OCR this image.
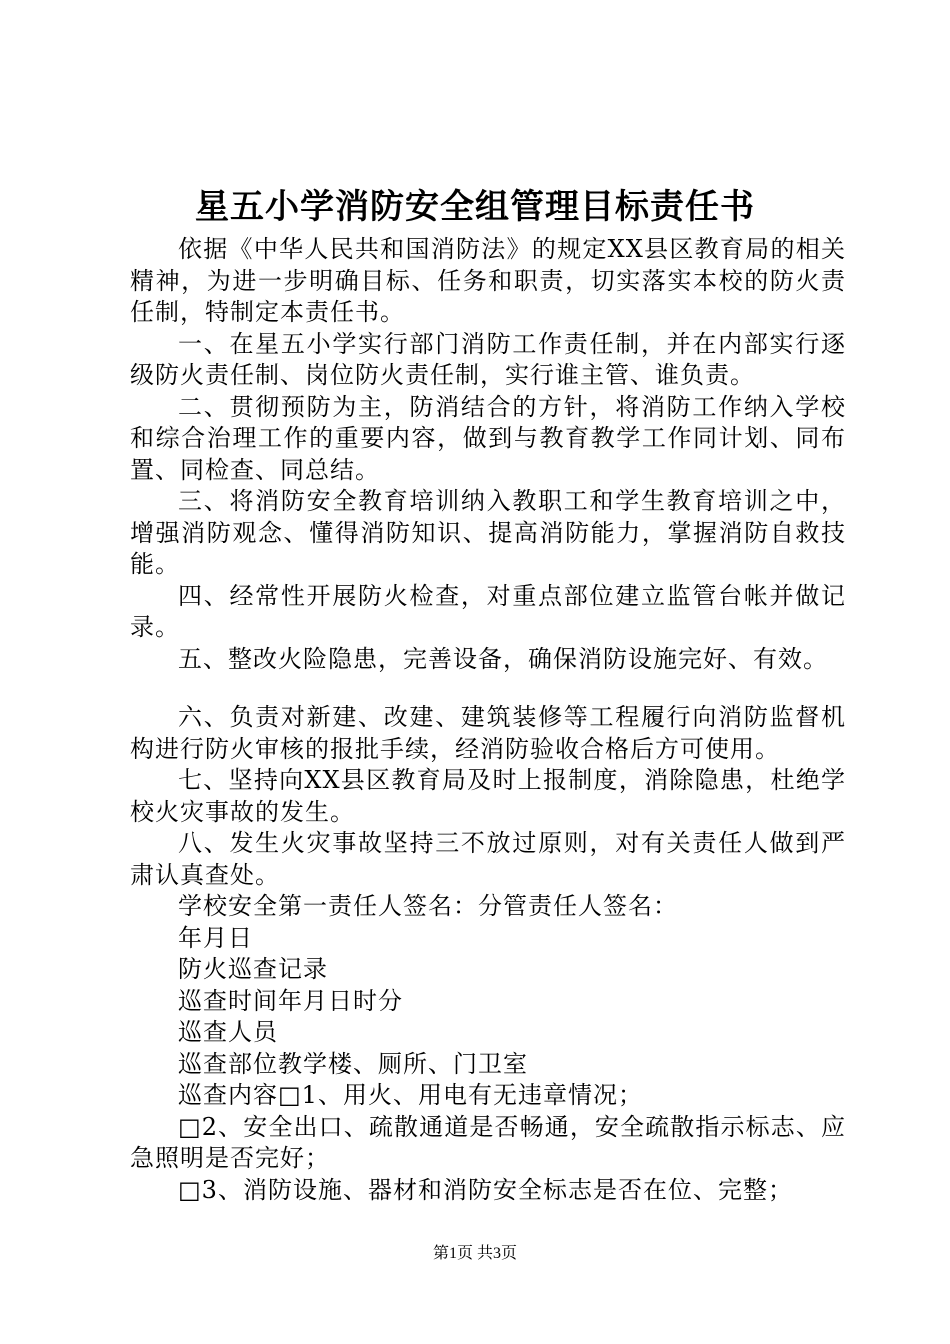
星五小学消防安全组管理目标责任书

依据《中华人民共和国消防法》的规定XX县区教育局的相关精神，为进一步明确目标、任务和职责，切实落实本校的防火责任制，特制定本责任书。

一、在星五小学实行部门消防工作责任制，并在内部实行逐级防火责任制、岗位防火责任制，实行谁主管、谁负责。

二、贯彻预防为主，防消结合的方针，将消防工作纳入学校和综合治理工作的重要内容，做到与教育教学工作同计划、同布置、同检查、同总结。

三、将消防安全教育培训纳入教职工和学生教育培训之中，增强消防观念、懂得消防知识、提高消防能力，掌握消防自救技能。

四、经常性开展防火检查，对重点部位建立监管台帐并做记录。

五、整改火险隐患，完善设备，确保消防设施完好、有效。

六、负责对新建、改建、建筑装修等工程履行向消防监督机构进行防火审核的报批手续，经消防验收合格后方可使用。

七、坚持向XX县区教育局及时上报制度，消除隐患，杜绝学校火灾事故的发生。

八、发生火灾事故坚持三不放过原则，对有关责任人做到严肃认真查处。

学校安全第一责任人签名：分管责任人签名：

年月日

防火巡查记录

巡查时间年月日时分

巡查人员

巡查部位教学楼、厕所、门卫室

巡查内容□1、用火、用电有无违章情况；

□2、安全出口、疏散通道是否畅通，安全疏散指示标志、应急照明是否完好；

□3、消防设施、器材和消防安全标志是否在位、完整；

第1页 共3页
